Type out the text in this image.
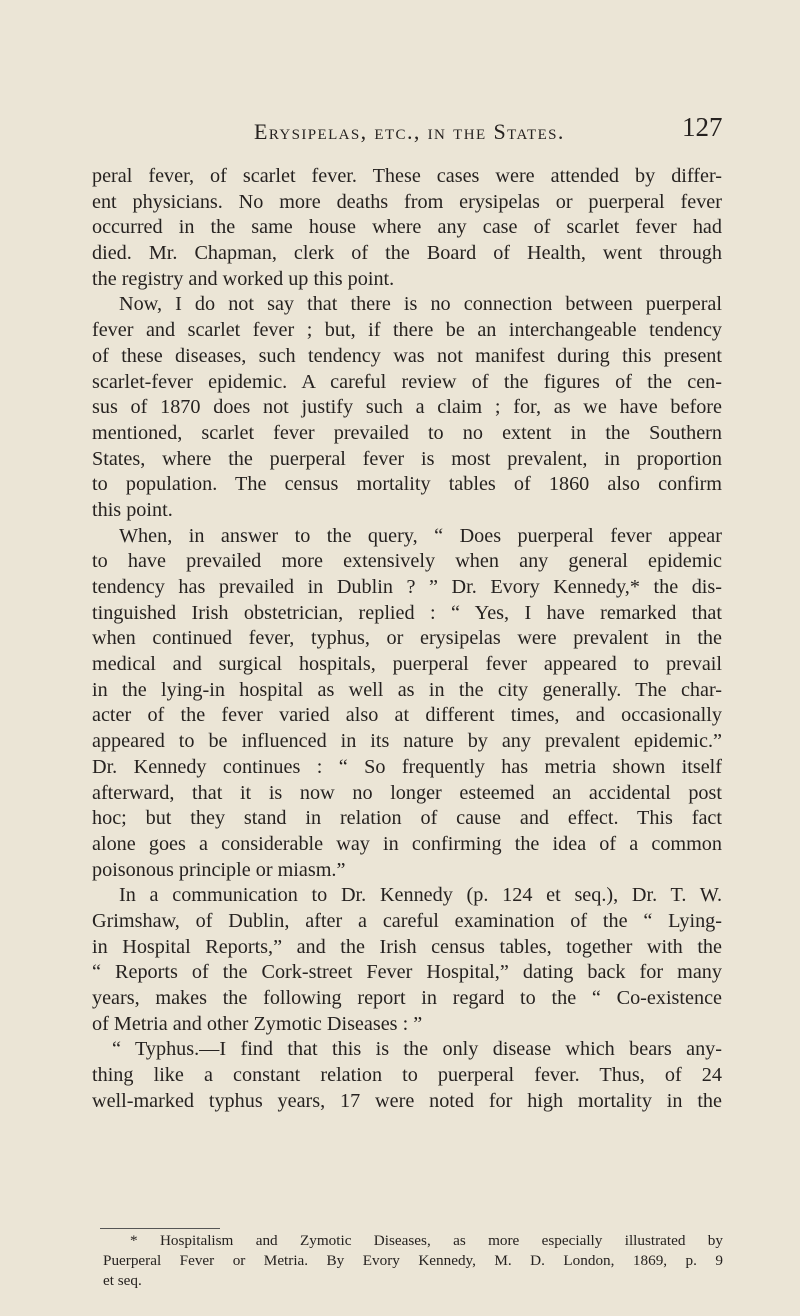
Erysipelas, etc., in the States.	127
peral fever, of scarlet fever. These cases were attended by differ-
ent physicians. No more deaths from erysipelas or puerperal fever
occurred in the same house where any case of scarlet fever had
died. Mr. Chapman, clerk of the Board of Health, went through
the registry and worked up this point.
Now, I do not say that there is no connection between puerperal
fever and scarlet fever ; but, if there be an interchangeable tendency
of these diseases, such tendency was not manifest during this present
scarlet-fever epidemic. A careful review of the figures of the cen-
sus of 1870 does not justify such a claim ; for, as we have before
mentioned, scarlet fever prevailed to no extent in the Southern
States, where the puerperal fever is most prevalent, in proportion
to population. The census mortality tables of 1860 also confirm
this point.
When, in answer to the query, “ Does puerperal fever appear
to have prevailed more extensively when any general epidemic
tendency has prevailed in Dublin ? ” Dr. Evory Kennedy,* the dis-
tinguished Irish obstetrician, replied : “ Yes, I have remarked that
when continued fever, typhus, or erysipelas were prevalent in the
medical and surgical hospitals, puerperal fever appeared to prevail
in the lying-in hospital as well as in the city generally. The char-
acter of the fever varied also at different times, and occasionally
appeared to be influenced in its nature by any prevalent epidemic.”
Dr. Kennedy continues : “ So frequently has metria shown itself
afterward, that it is now no longer esteemed an accidental post
hoc; but they stand in relation of cause and effect. This fact
alone goes a considerable way in confirming the idea of a common
poisonous principle or miasm.”
In a communication to Dr. Kennedy (p. 124 et seq.), Dr. T. W.
Grimshaw, of Dublin, after a careful examination of the “ Lying-
in Hospital Reports,” and the Irish census tables, together with the
“ Reports of the Cork-street Fever Hospital,” dating back for many
years, makes the following report in regard to the “ Co-existence
of Metria and other Zymotic Diseases : ”
“ Typhus.—I find that this is the only disease which bears any-
thing like a constant relation to puerperal fever. Thus, of 24
well-marked typhus years, 17 were noted for high mortality in the
* Hospitalism and Zymotic Diseases, as more especially illustrated by
Puerperal Fever or Metria. By Evory Kennedy, M. D. London, 1869, p. 9
et seq.
